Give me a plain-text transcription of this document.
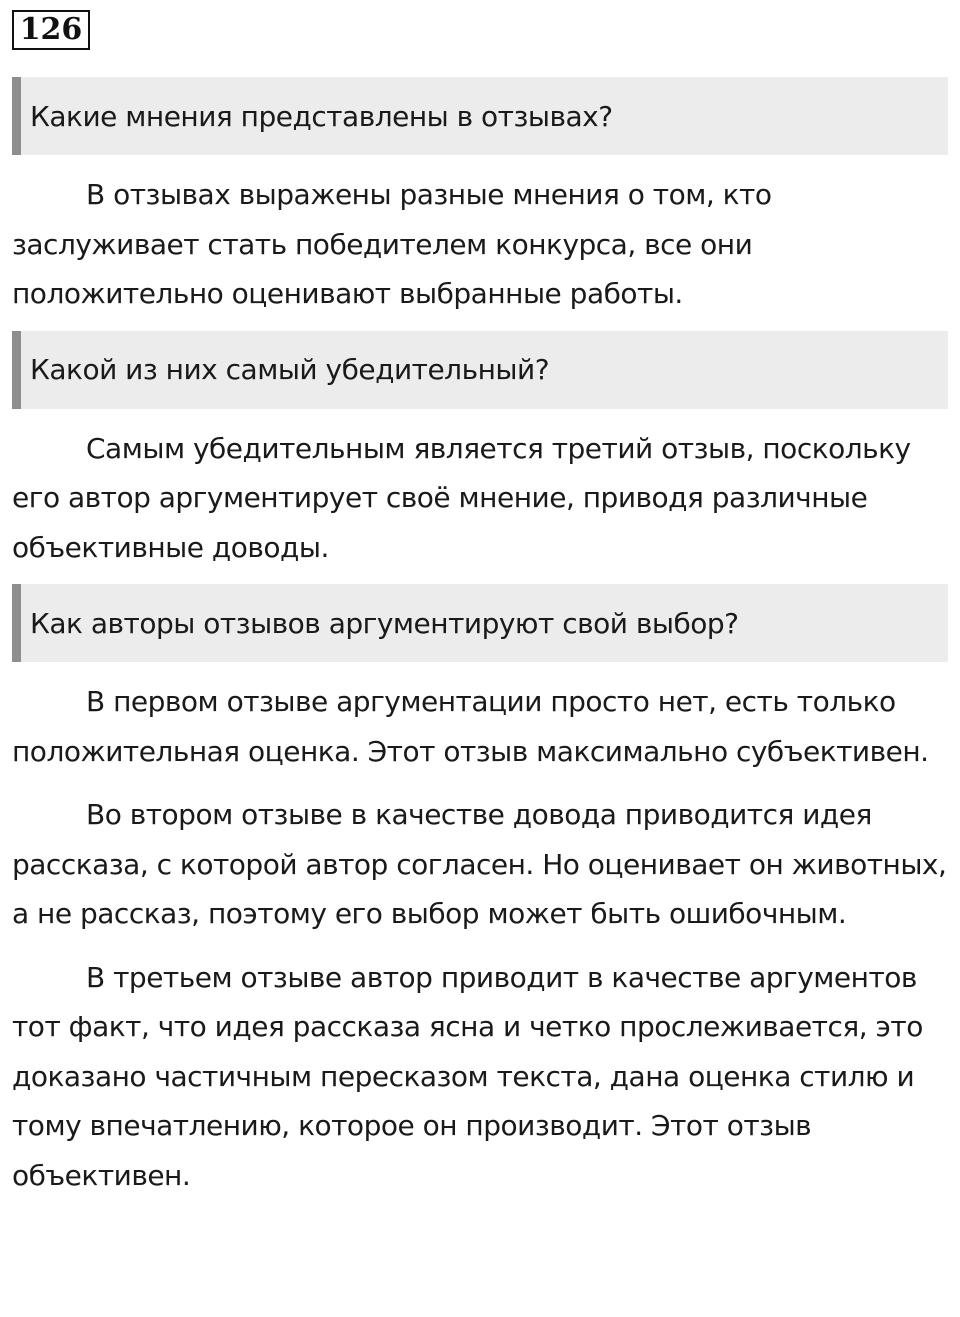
126
Какие мнения представлены в отзывах?

В отзывах выражены разные мнения о том, кто заслуживает стать победителем конкурса, все они положительно оценивают выбранные работы.

Какой из них самый убедительный?

Самым убедительным является третий отзыв, поскольку его автор аргументирует своё мнение, приводя различные объективные доводы.

Как авторы отзывов аргументируют свой выбор?

В первом отзыве аргументации просто нет, есть только положительная оценка. Этот отзыв максимально субъективен.

Во втором отзыве в качестве довода приводится идея рассказа, с которой автор согласен. Но оценивает он животных, а не рассказ, поэтому его выбор может быть ошибочным.

В третьем отзыве автор приводит в качестве аргументов тот факт, что идея рассказа ясна и четко прослеживается, это доказано частичным пересказом текста, дана оценка стилю и тому впечатлению, которое он производит. Этот отзыв объективен.
